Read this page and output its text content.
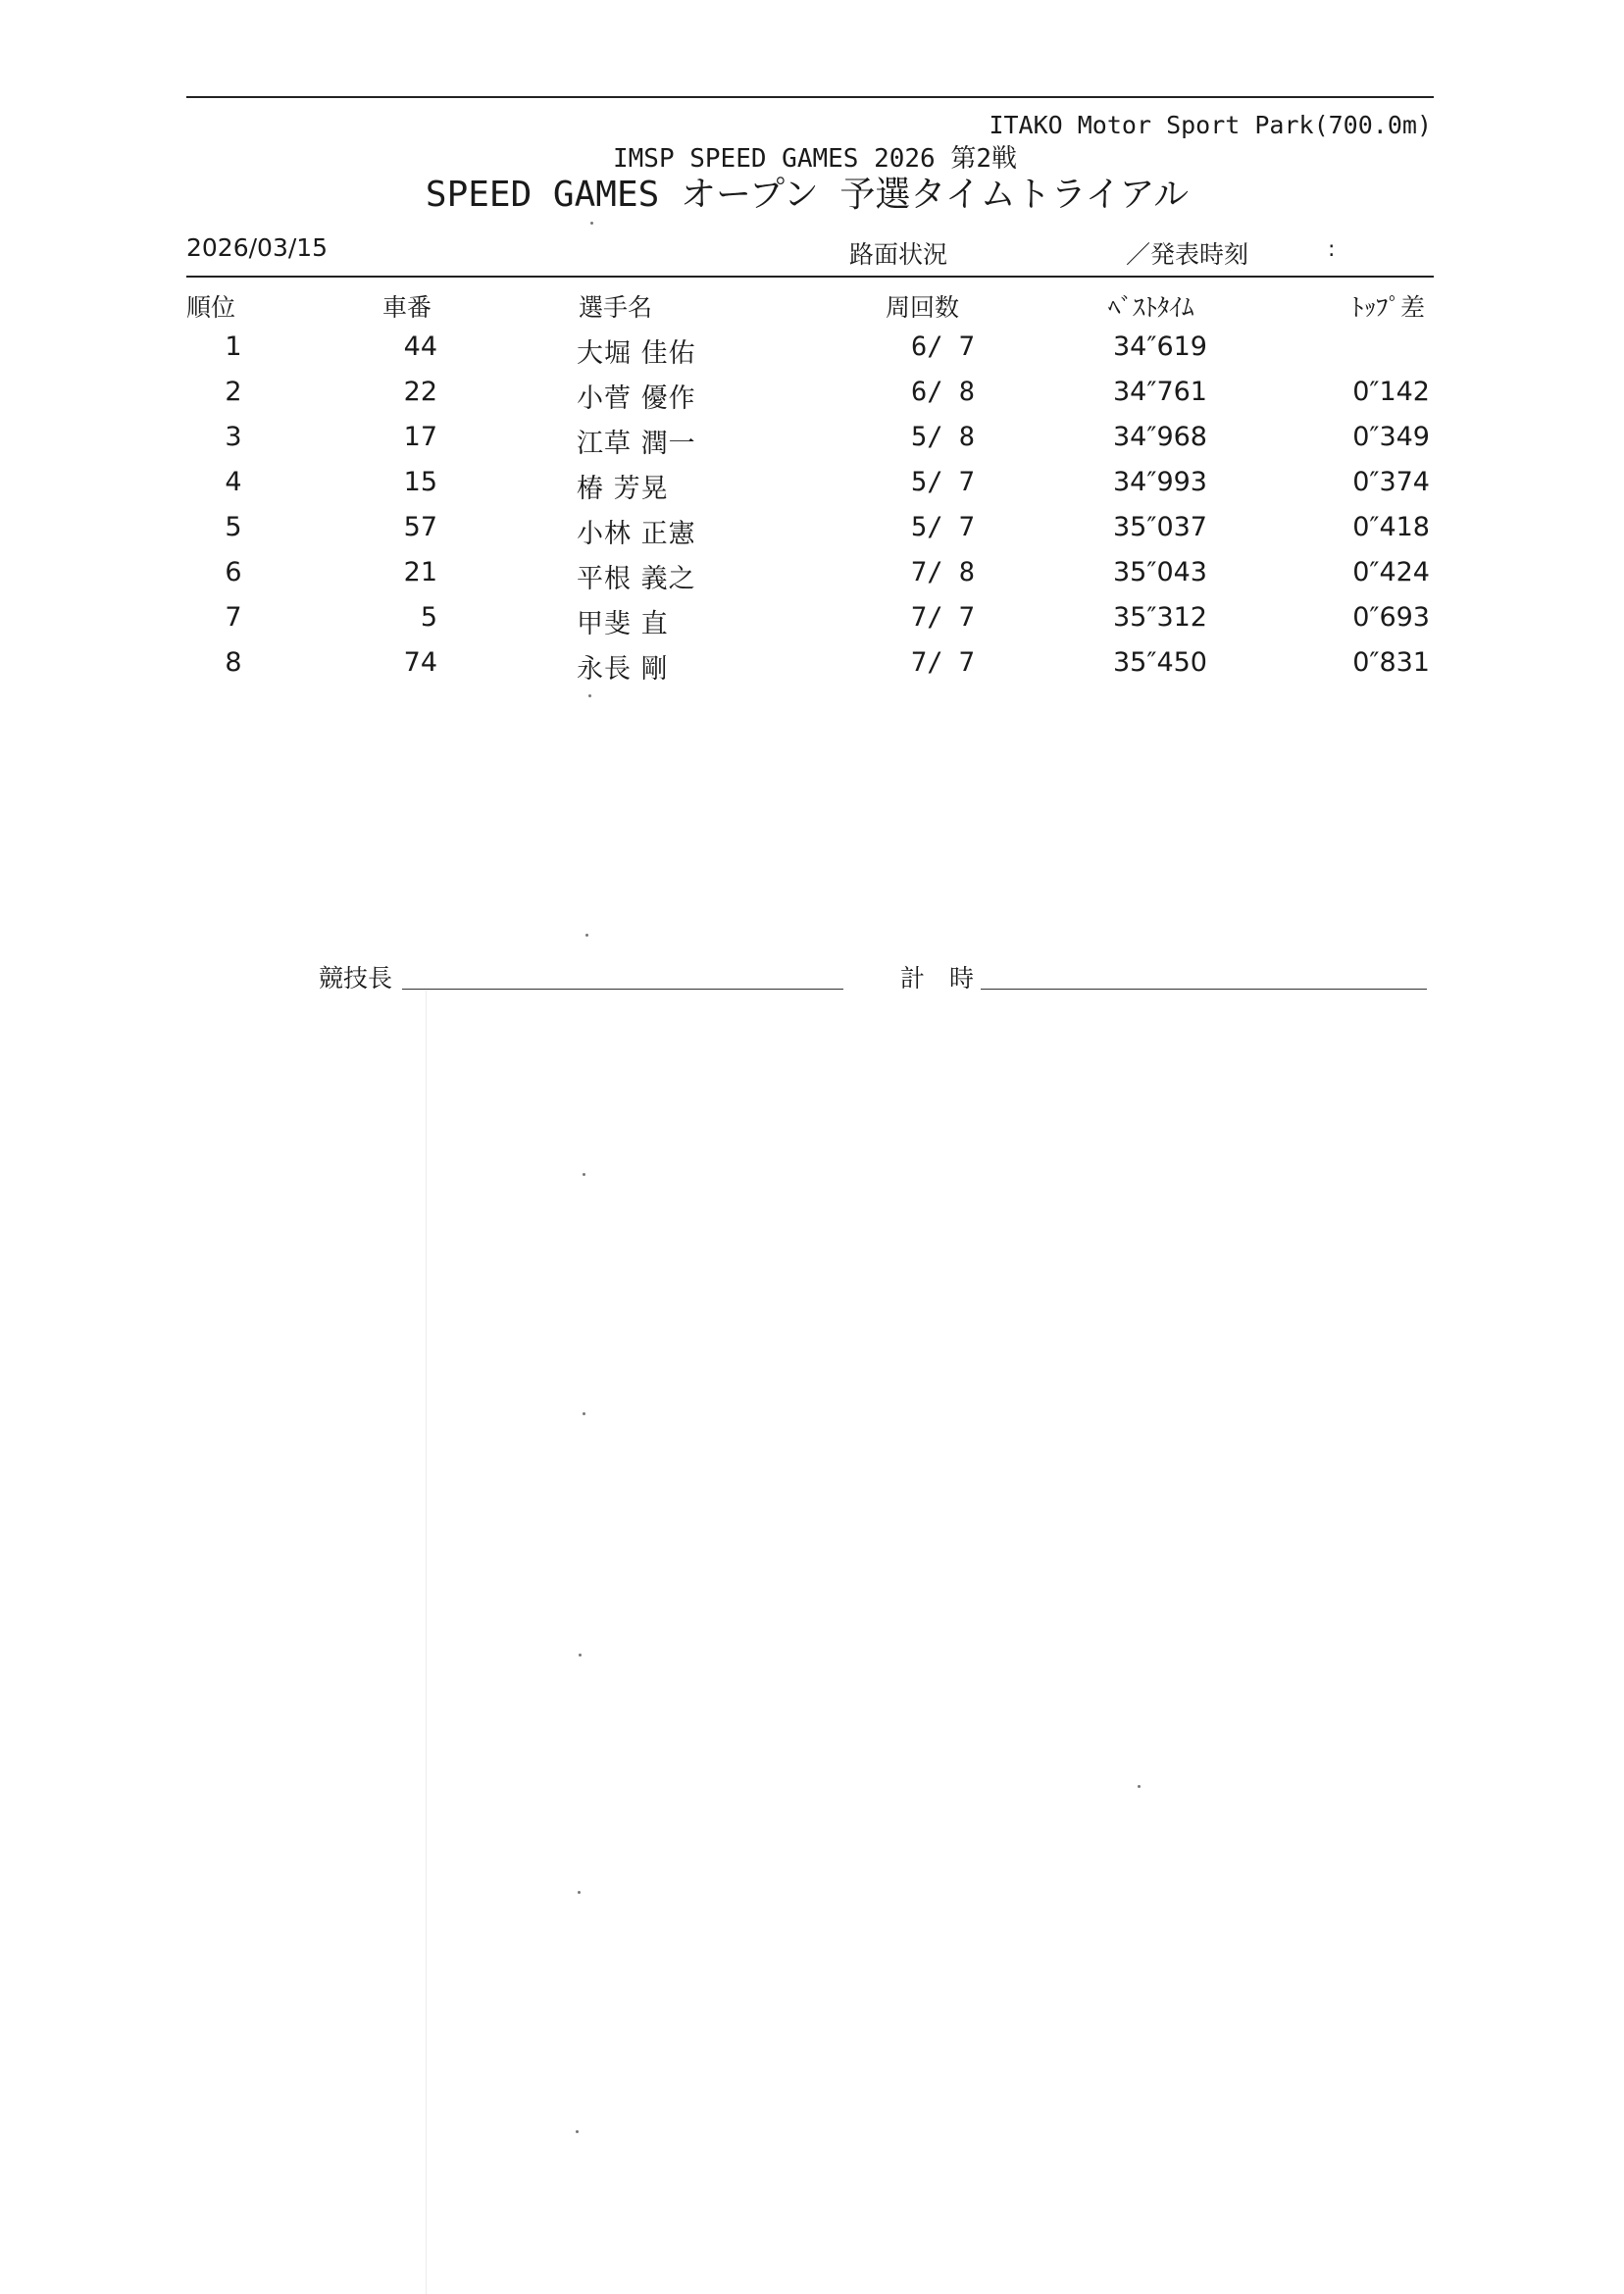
ITAKO Motor Sport Park(700.0m)
IMSP SPEED GAMES 2026 第2戦
SPEED GAMES オープン 予選タイムトライアル
2026/03/15	路面状況	／発表時刻	:
順位	車番	選手名	周回数	ﾍﾞｽﾄﾀｲﾑ	ﾄｯﾌﾟ差
1	44	大堀 佳佑	6/ 7	34″619
2	22	小菅 優作	6/ 8	34″761	0″142
3	17	江草 潤一	5/ 8	34″968	0″349
4	15	椿 芳晃	5/ 7	34″993	0″374
5	57	小林 正憲	5/ 7	35″037	0″418
6	21	平根 義之	7/ 8	35″043	0″424
7	5	甲斐 直	7/ 7	35″312	0″693
8	74	永長 剛	7/ 7	35″450	0″831
競技長	計　時
